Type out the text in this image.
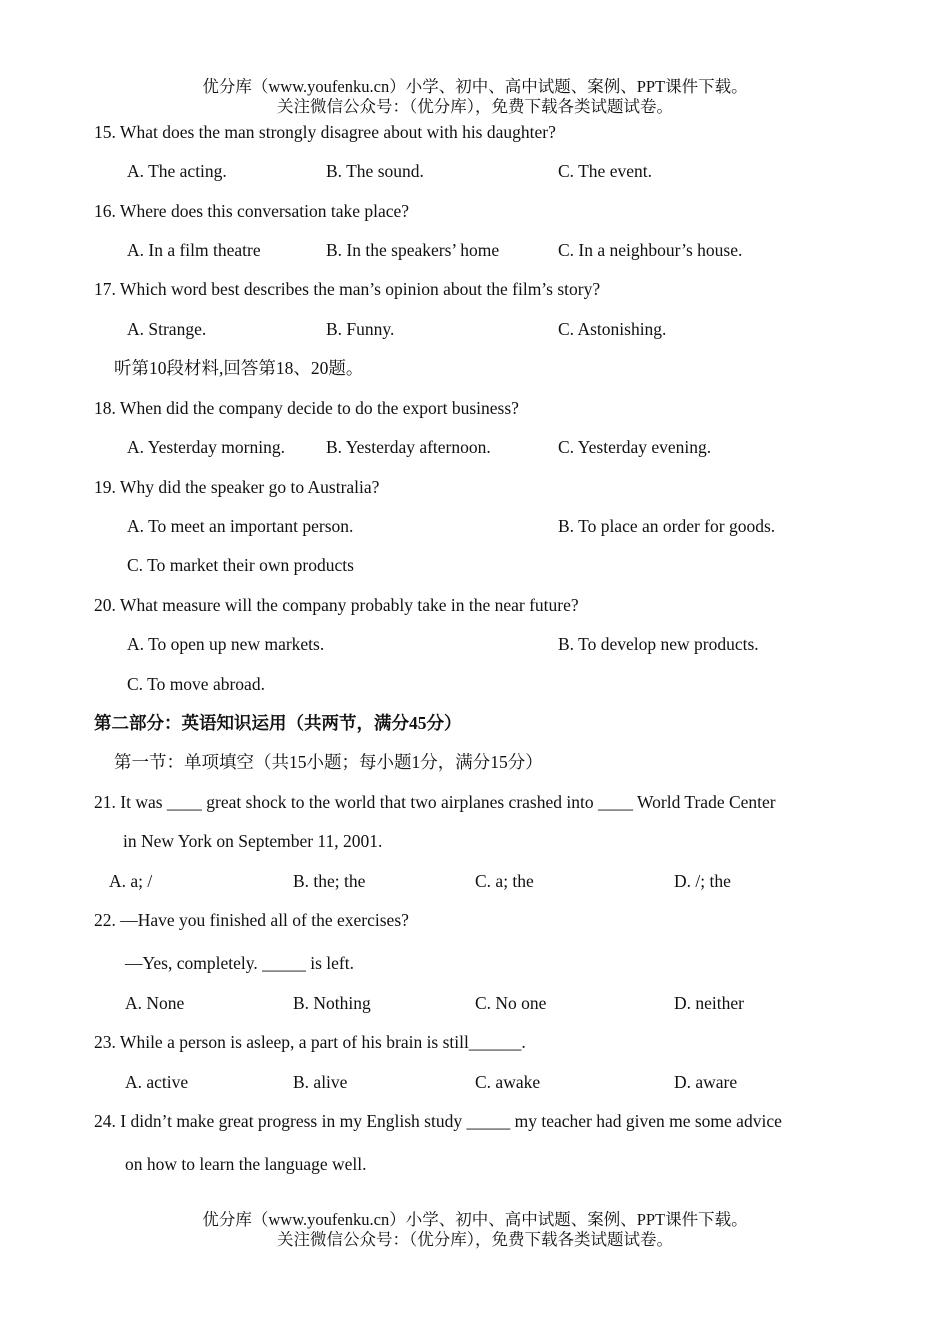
优分库（www.youfenku.cn）小学、初中、高中试题、案例、PPT课件下载。
关注微信公众号：（优分库），免费下载各类试题试卷。
15. What does the man strongly disagree about with his daughter?
A. The acting.	B. The sound.	C. The event.
16. Where does this conversation take place?
A. In a film theatre	B. In the speakers’ home	C. In a neighbour’s house.
17. Which word best describes the man’s opinion about the film’s story?
A. Strange.	B. Funny.	C. Astonishing.
听第10段材料,回答第18、20题。
18. When did the company decide to do the export business?
A. Yesterday morning. B. Yesterday afternoon.	C. Yesterday evening.
19. Why did the speaker go to Australia?
A. To meet an important person.	B. To place an order for goods.
C. To market their own products
20. What measure will the company probably take in the near future?
A. To open up new markets.	B. To develop new products.
C. To move abroad.
第二部分：英语知识运用（共两节，满分45分）
第一节：单项填空（共15小题；每小题1分，满分15分）
21. It was ____ great shock to the world that two airplanes crashed into ____ World Trade Center
in New York on September 11, 2001.
A. a; /	B. the; the	C. a; the	D. /; the
22. —Have you finished all of the exercises?
—Yes, completely. _____ is left.
A. None	B. Nothing	C. No one	D. neither
23. While a person is asleep, a part of his brain is still______.
A. active	B. alive	C. awake	D. aware
24. I didn’t make great progress in my English study _____ my teacher had given me some advice
on how to learn the language well.
优分库（www.youfenku.cn）小学、初中、高中试题、案例、PPT课件下载。
关注微信公众号：（优分库），免费下载各类试题试卷。
